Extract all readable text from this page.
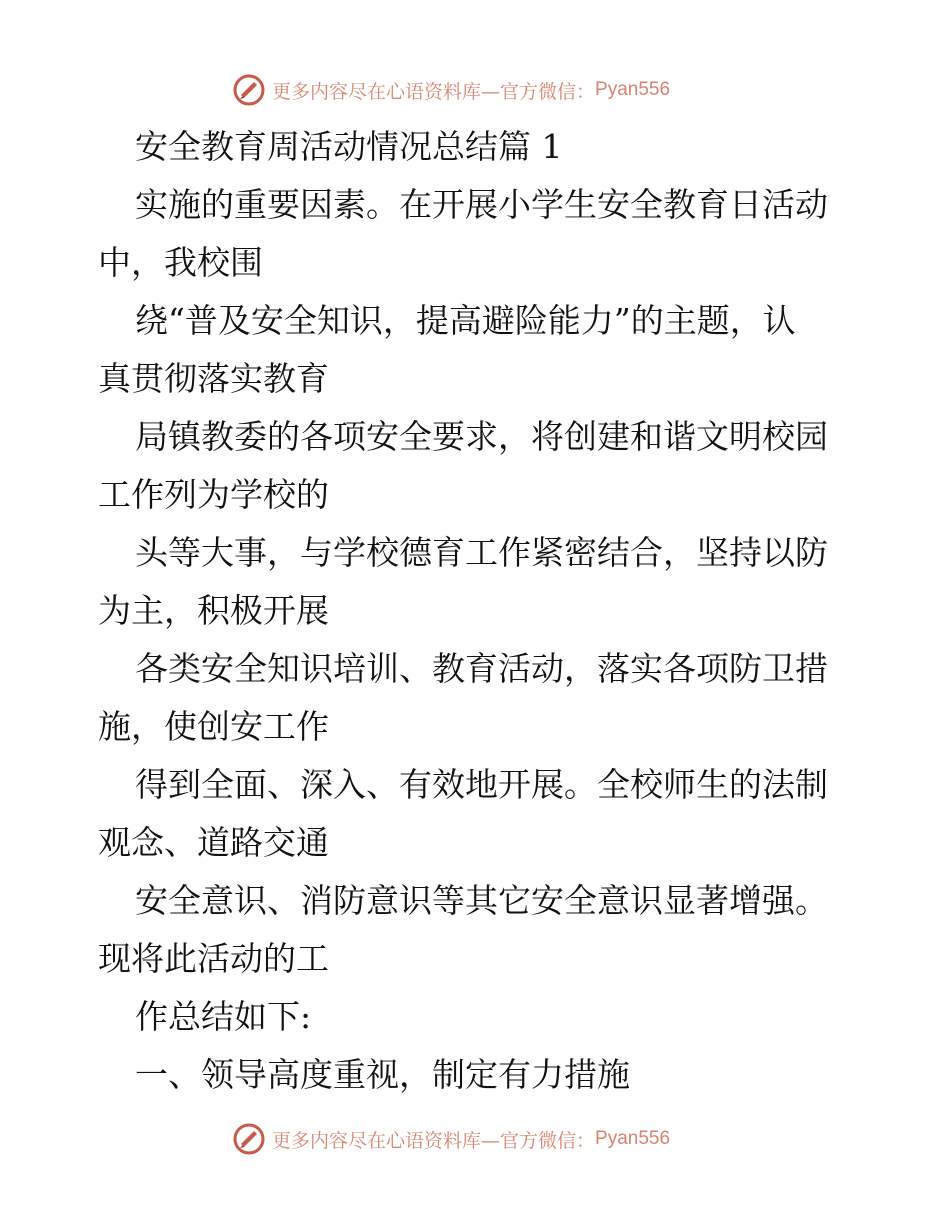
更多内容尽在心语资料库—官方微信： Pyan556
安全教育周活动情况总结篇 1
实施的重要因素。在开展小学生安全教育日活动
中，我校围
绕“普及安全知识，提高避险能力”的主题，认
真贯彻落实教育
局镇教委的各项安全要求，将创建和谐文明校园
工作列为学校的
头等大事，与学校德育工作紧密结合，坚持以防
为主，积极开展
各类安全知识培训、教育活动，落实各项防卫措
施，使创安工作
得到全面、深入、有效地开展。全校师生的法制
观念、道路交通
安全意识、消防意识等其它安全意识显著增强。
现将此活动的工
作总结如下:
一、领导高度重视，制定有力措施
更多内容尽在心语资料库—官方微信： Pyan556
